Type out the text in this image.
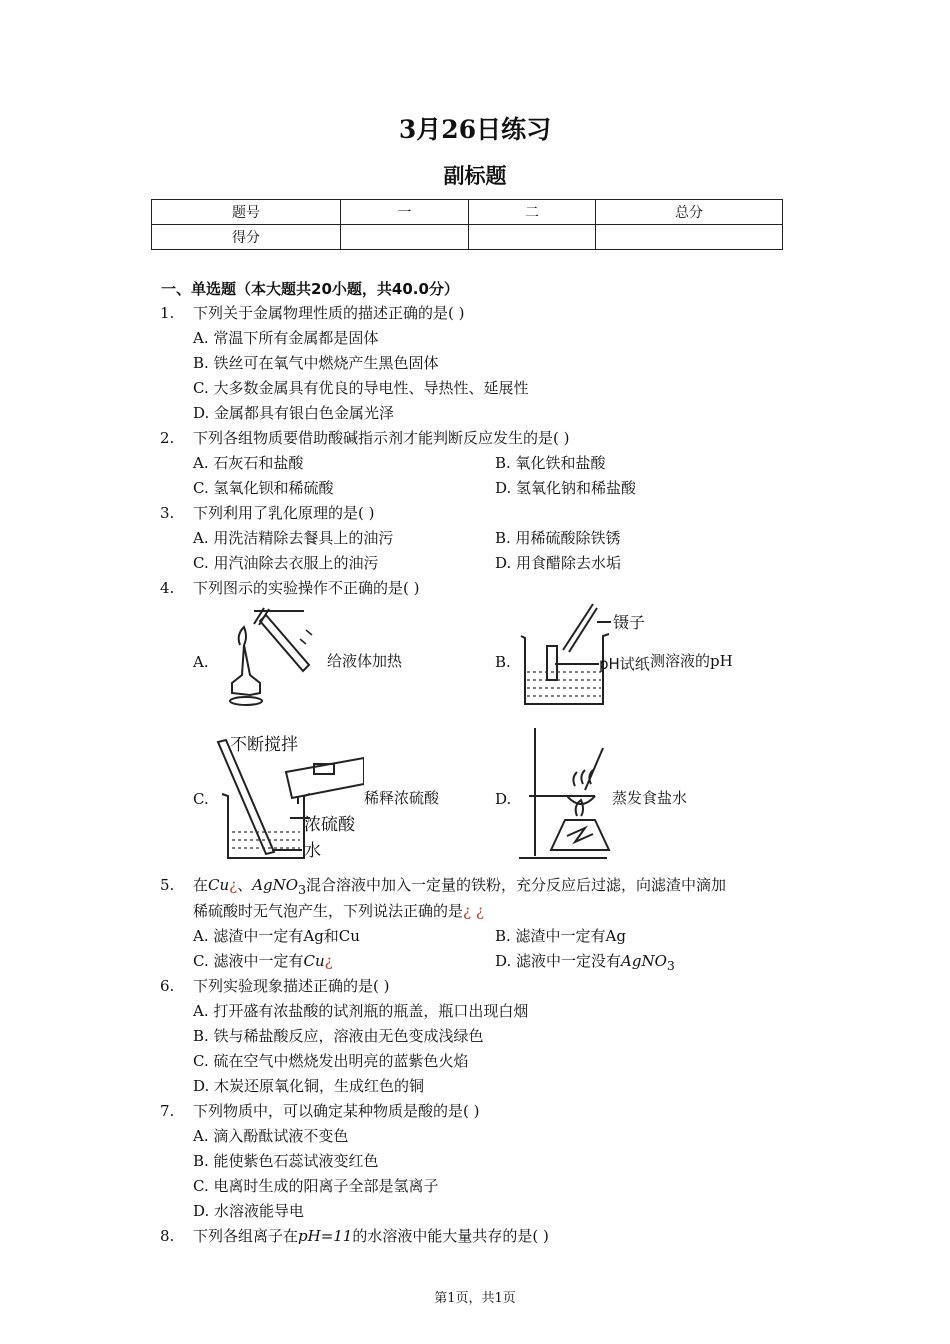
3月26日练习
副标题
题号	一	二	总分
得分			
一、单选题（本大题共20小题，共40.0分）
1. 下列关于金属物理性质的描述正确的是( )
A. 常温下所有金属都是固体
B. 铁丝可在氧气中燃烧产生黑色固体
C. 大多数金属具有优良的导电性、导热性、延展性
D. 金属都具有银白色金属光泽
2. 下列各组物质要借助酸碱指示剂才能判断反应发生的是( )
A. 石灰石和盐酸	B. 氧化铁和盐酸
C. 氢氧化钡和稀硫酸	D. 氢氧化钠和稀盐酸
3. 下列利用了乳化原理的是( )
A. 用洗洁精除去餐具上的油污	B. 用稀硫酸除铁锈
C. 用汽油除去衣服上的油污	D. 用食醋除去水垢
4. 下列图示的实验操作不正确的是( )
A.	给液体加热	B.
镊子
pH试纸 测溶液的pH
C.
不断搅拌
浓硫酸
水
稀释浓硫酸	D.	蒸发食盐水
5. 在Cu¿、AgNO$_3$混合溶液中加入一定量的铁粉，充分反应后过滤，向滤渣中滴加
稀硫酸时无气泡产生，下列说法正确的是¿ ¿
A. 滤渣中一定有Ag和Cu	B. 滤渣中一定有Ag
C. 滤液中一定有Cu¿	D. 滤液中一定没有AgNO$_3$
6. 下列实验现象描述正确的是( )
A. 打开盛有浓盐酸的试剂瓶的瓶盖，瓶口出现白烟
B. 铁与稀盐酸反应，溶液由无色变成浅绿色
C. 硫在空气中燃烧发出明亮的蓝紫色火焰
D. 木炭还原氧化铜，生成红色的铜
7. 下列物质中，可以确定某种物质是酸的是( )
A. 滴入酚酞试液不变色
B. 能使紫色石蕊试液变红色
C. 电离时生成的阳离子全部是氢离子
D. 水溶液能导电
8. 下列各组离子在pH=11的水溶液中能大量共存的是( )
第1页，共1页
